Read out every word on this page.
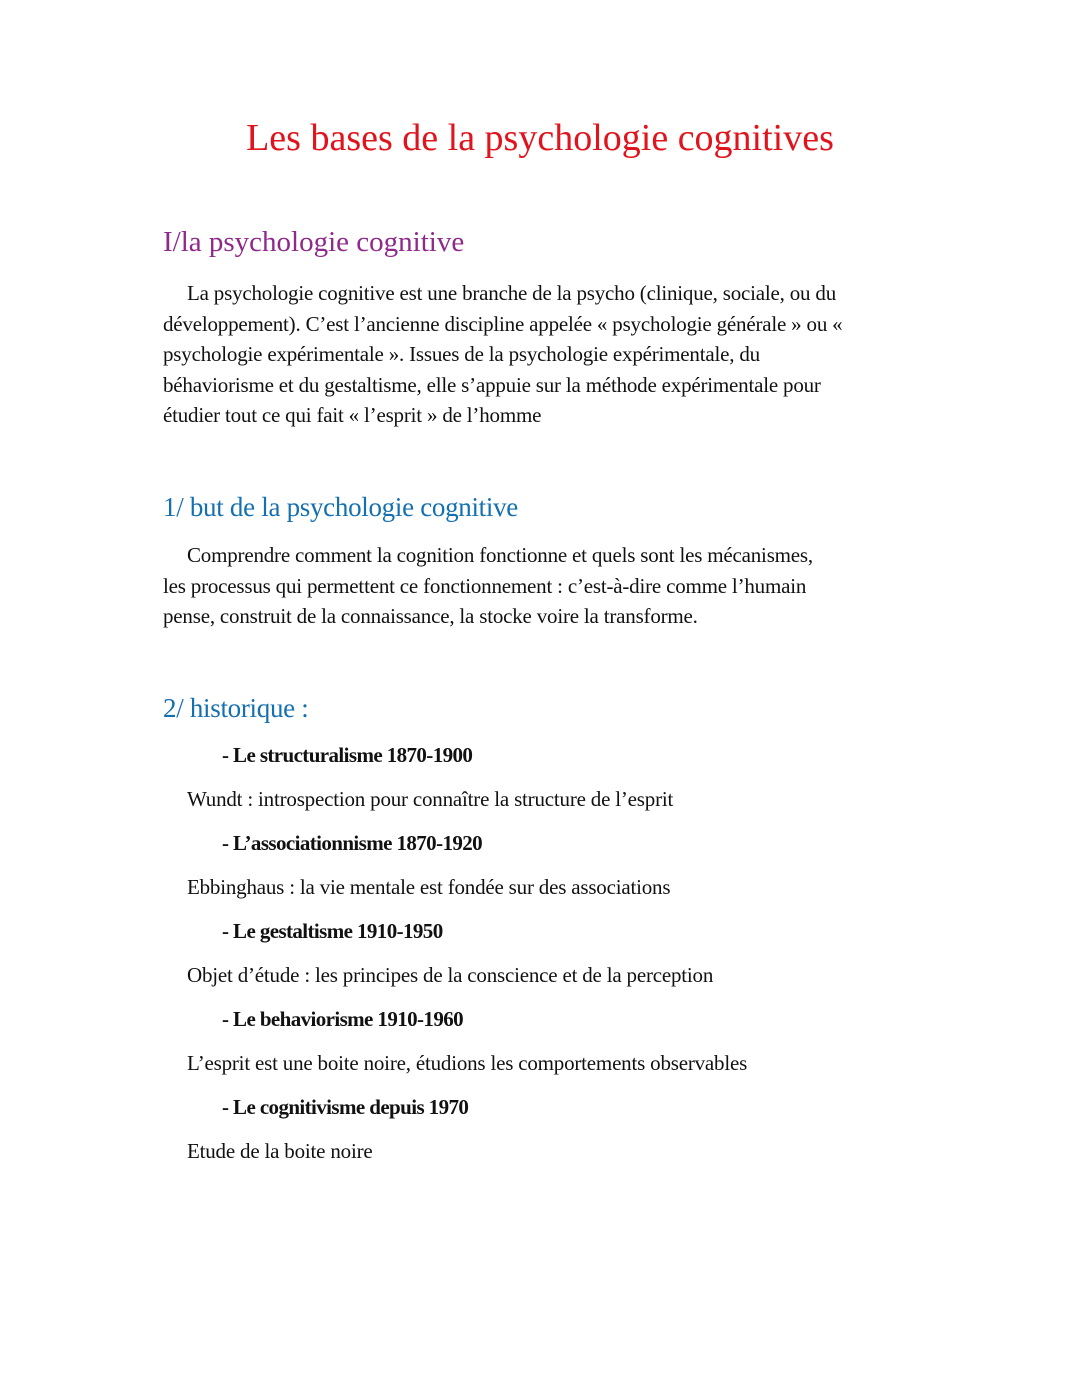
Les bases de la psychologie cognitives
I/la psychologie cognitive

La psychologie cognitive est une branche de la psycho (clinique, sociale, ou du
développement). C’est l’ancienne discipline appelée « psychologie générale » ou «
psychologie expérimentale ». Issues de la psychologie expérimentale, du
béhaviorisme et du gestaltisme, elle s’appuie sur la méthode expérimentale pour
étudier tout ce qui fait « l’esprit » de l’homme

1/ but de la psychologie cognitive

Comprendre comment la cognition fonctionne et quels sont les mécanismes,
les processus qui permettent ce fonctionnement : c’est-à-dire comme l’humain
pense, construit de la connaissance, la stocke voire la transforme.

2/ historique :

- Le structuralisme 1870-1900

Wundt : introspection pour connaître la structure de l’esprit

- L’associationnisme 1870-1920

Ebbinghaus : la vie mentale est fondée sur des associations

- Le gestaltisme 1910-1950

Objet d’étude : les principes de la conscience et de la perception

- Le behaviorisme 1910-1960

L’esprit est une boite noire, étudions les comportements observables

- Le cognitivisme depuis 1970

Etude de la boite noire
